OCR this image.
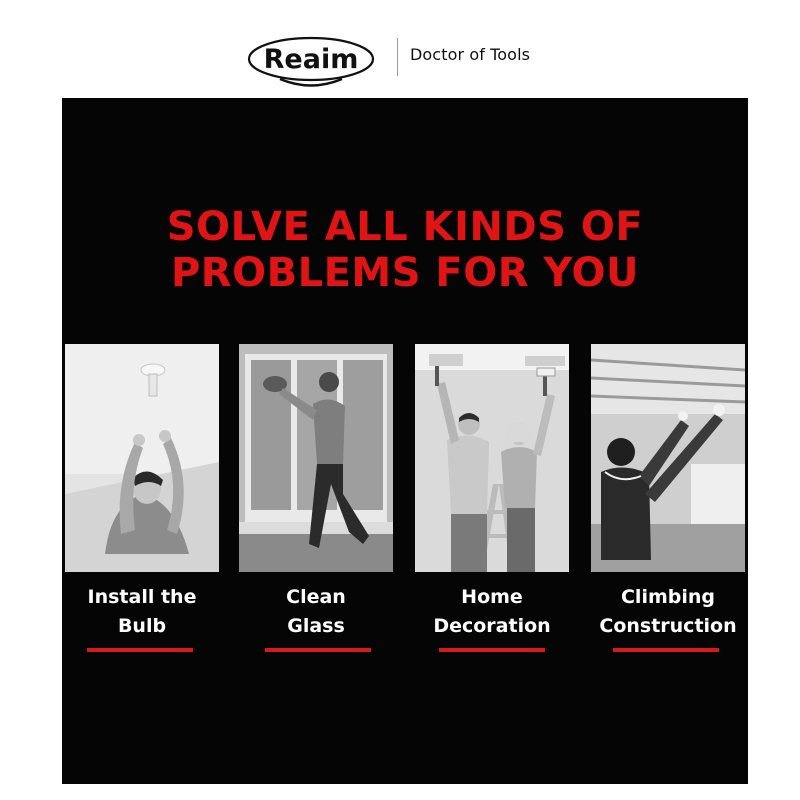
Reaim	Doctor of Tools
SOLVE ALL KINDS OF
PROBLEMS FOR YOU
Install the
Bulb
Clean
Glass
Home
Decoration
Climbing
Construction
